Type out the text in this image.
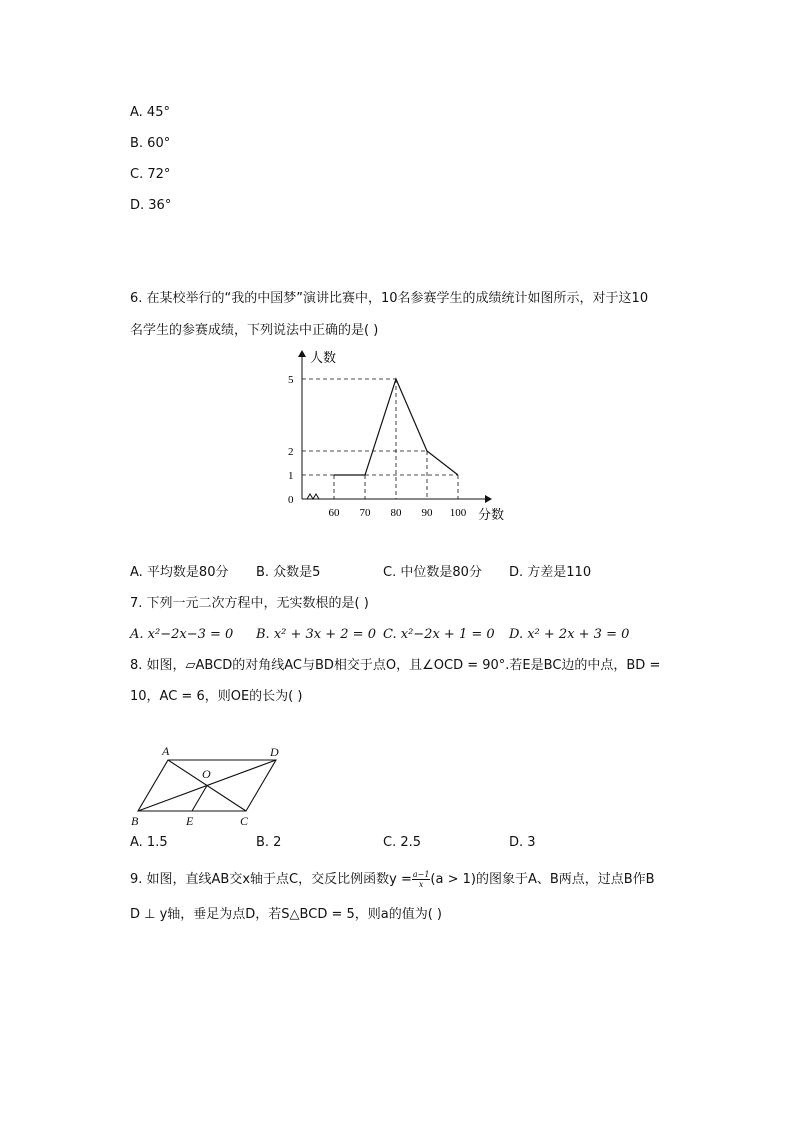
A. 45°
B. 60°
C. 72°
D. 36°
6. 在某校举行的“我的中国梦”演讲比赛中，10名参赛学生的成绩统计如图所示，对于这10
名学生的参赛成绩，下列说法中正确的是( )
人数
分数
0
1
2
5
60 70 80 90 100
A. 平均数是80分 B. 众数是5	C. 中位数是80分 D. 方差是110
7. 下列一元二次方程中，无实数根的是( )
A. x²−2x−3 = 0 B. x² + 3x + 2 = 0 C. x²−2x + 1 = 0 D. x² + 2x + 3 = 0
8. 如图，▱ABCD的对角线AC与BD相交于点O，且∠OCD = 90°.若E是BC边的中点，BD =
10，AC = 6，则OE的长为( )
A	D
O
B	E	C
A. 1.5	B. 2	C. 2.5	D. 3
9. 如图，直线AB交x轴于点C，交反比例函数$y = \frac{a-1}{x} (a > 1)$的图象于A、B两点，过点B作B
D ⊥ y轴，垂足为点D，若S△BCD = 5，则a的值为( )
